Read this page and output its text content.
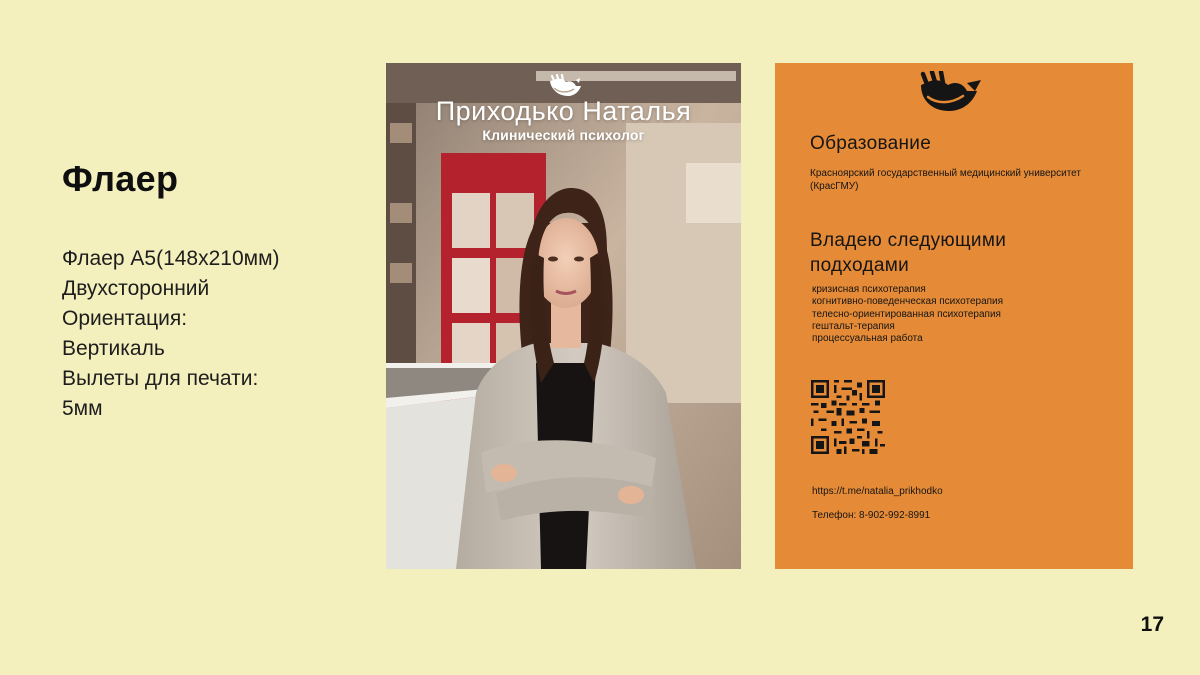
Флаер
Флаер А5(148х210мм)
Двухсторонний
Ориентация:
Вертикаль
Вылеты для печати:
5мм
Приходько Наталья
Клинический психолог	Образование

Красноярский государственный медицинский университет (КрасГМУ)

Владею следующими подходами
кризисная психотерапия
когнитивно-поведенческая психотерапия
телесно-ориентированная психотерапия
гештальт-терапия
процессуальная работа
https://t.me/natalia_prikhodko
Телефон: 8-902-992-8991
17
